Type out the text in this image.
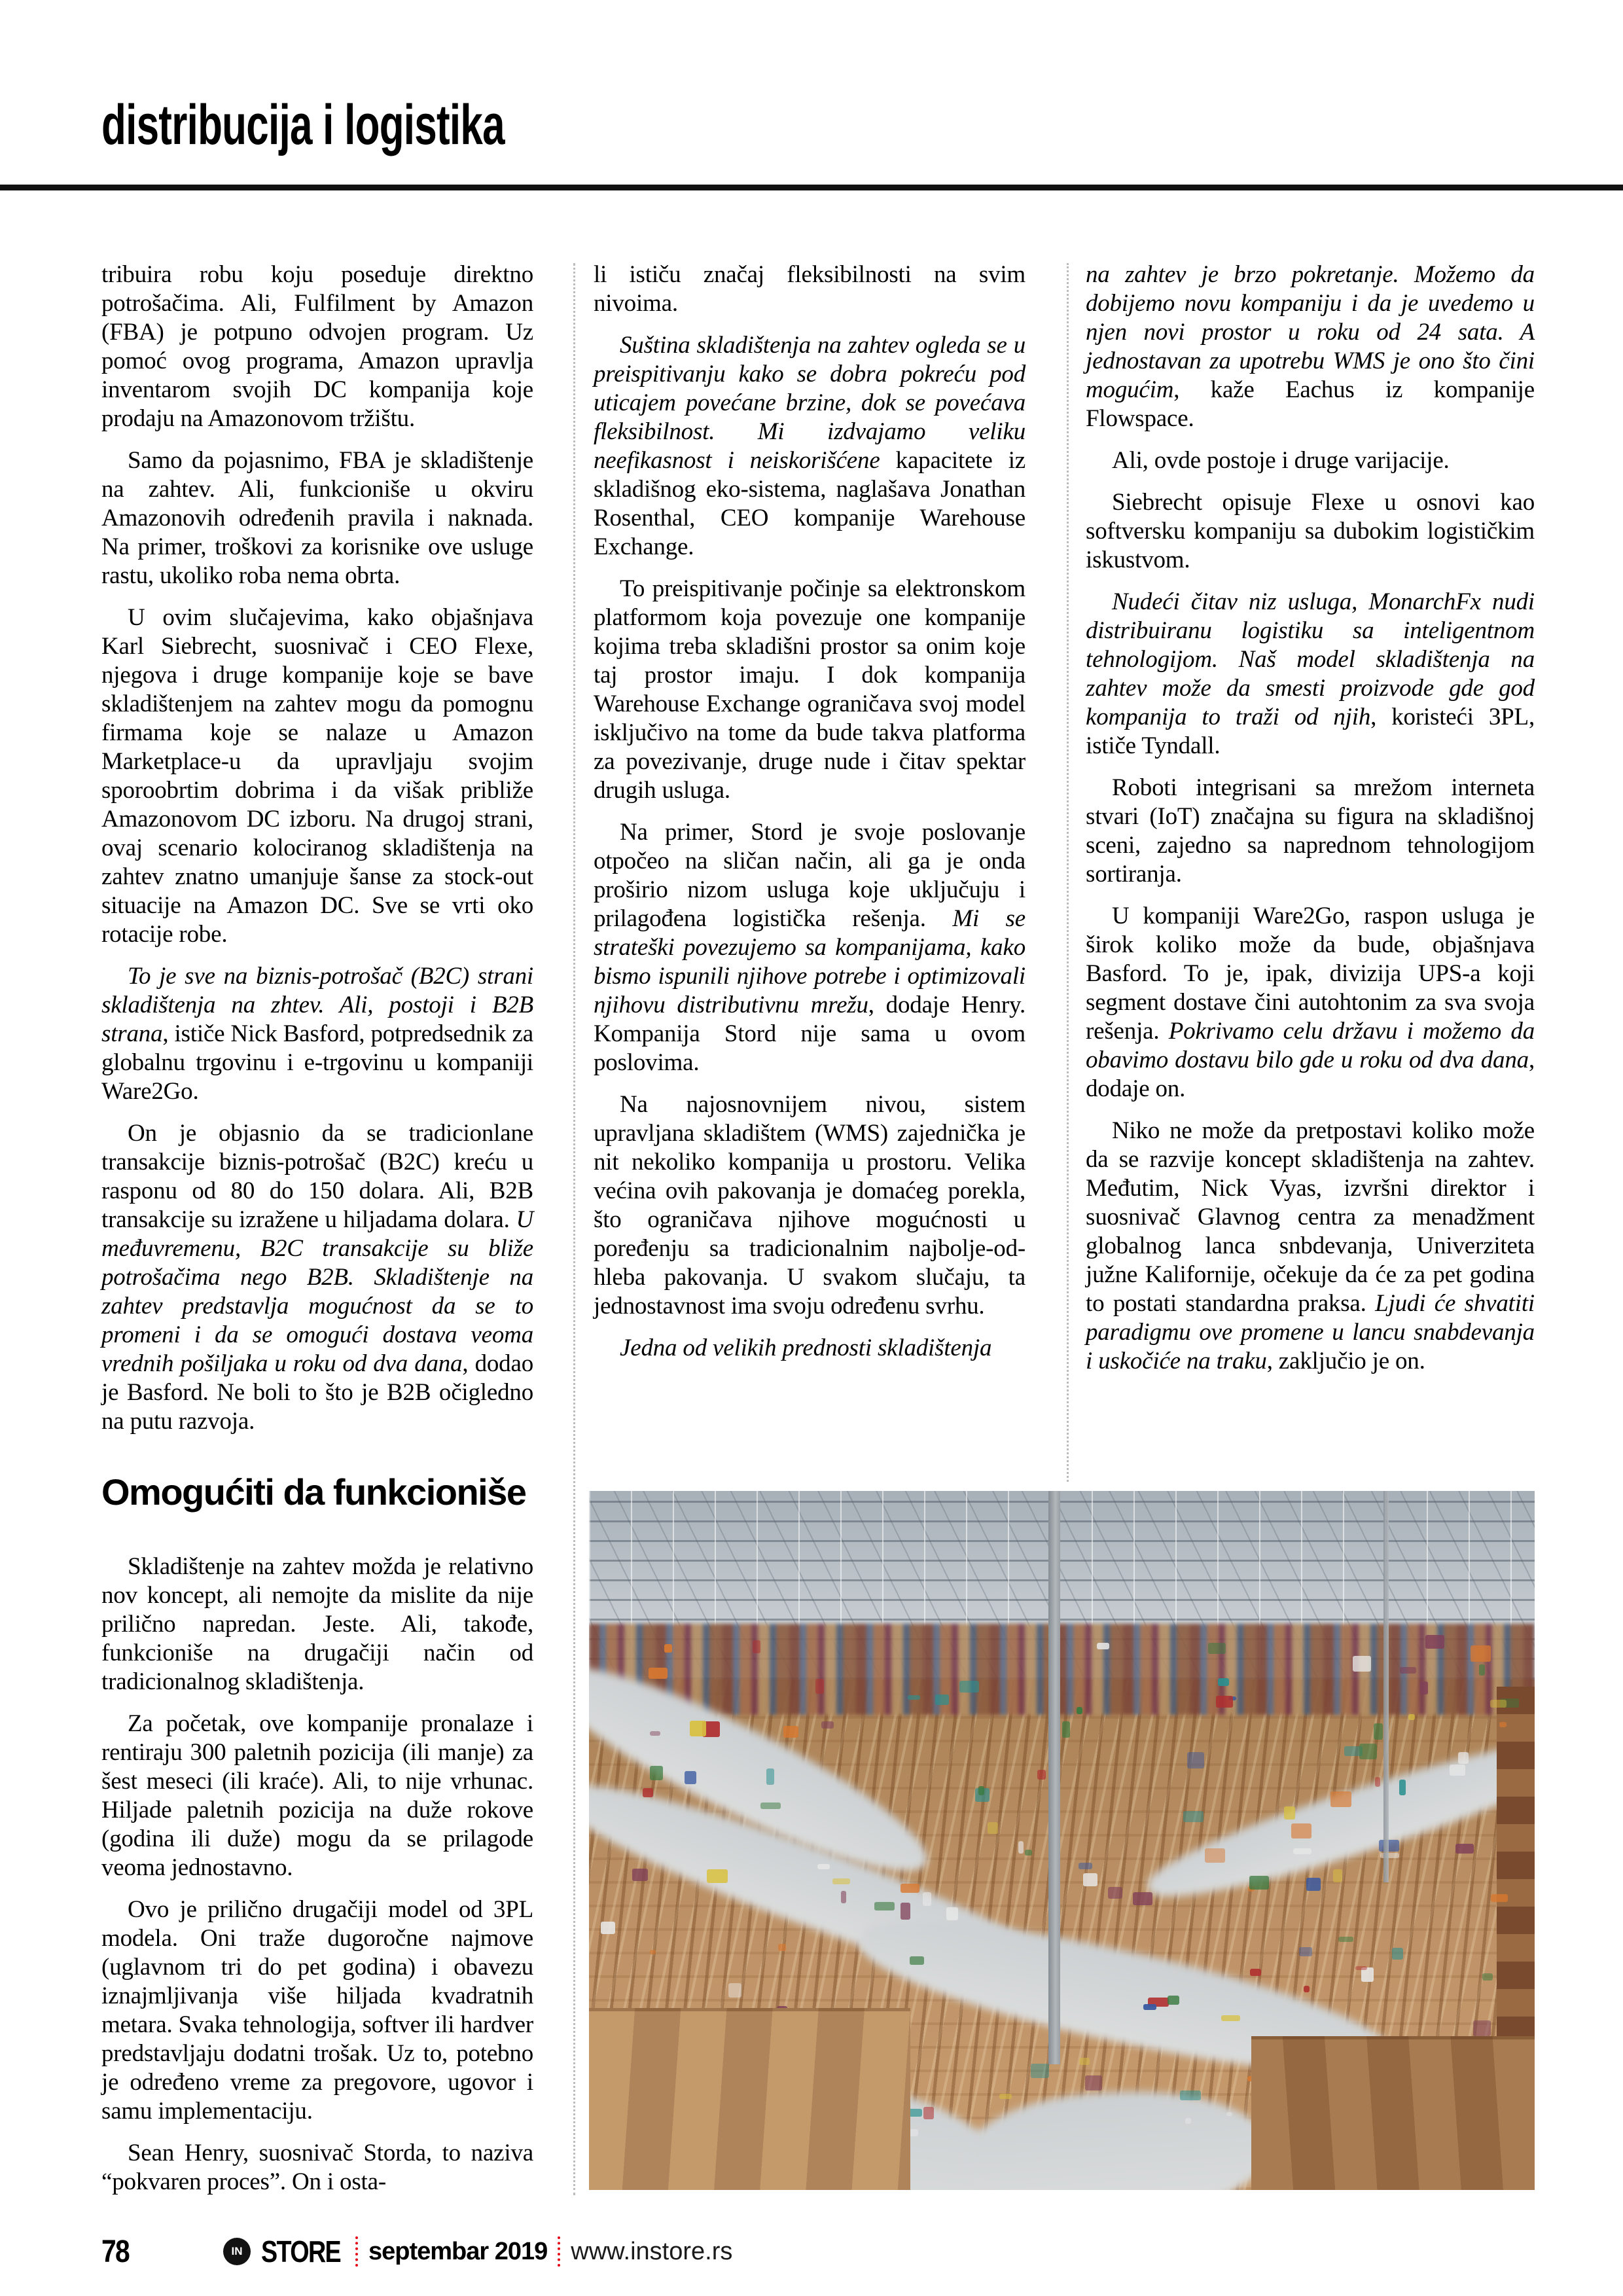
distribucija i logistika

tribuira robu koju poseduje direktno potrošačima. Ali, Fulfilment by Amazon (FBA) je potpuno odvojen program. Uz pomoć ovog programa, Amazon upravlja inventarom svojih DC kompanija koje prodaju na Amazonovom tržištu.

Samo da pojasnimo, FBA je skladištenje na zahtev. Ali, funkcioniše u okviru Amazonovih određenih pravila i naknada. Na primer, troškovi za korisnike ove usluge rastu, ukoliko roba nema obrta.

U ovim slučajevima, kako objašnjava Karl Siebrecht, suosnivač i CEO Flexe, njegova i druge kompanije koje se bave skladištenjem na zahtev mogu da pomognu firmama koje se nalaze u Amazon Marketplace-u da upravljaju svojim sporoobrtim dobrima i da višak približe Amazonovom DC izboru. Na drugoj strani, ovaj scenario kolociranog skladištenja na zahtev znatno umanjuje šanse za stock-out situacije na Amazon DC. Sve se vrti oko rotacije robe.

To je sve na biznis-potrošač (B2C) strani skladištenja na zhtev. Ali, postoji i B2B strana, ističe Nick Basford, potpredsednik za globalnu trgovinu i e-trgovinu u kompaniji Ware2Go.

On je objasnio da se tradicionlane transakcije biznis-potrošač (B2C) kreću u rasponu od 80 do 150 dolara. Ali, B2B transakcije su izražene u hiljadama dolara. U međuvremenu, B2C transakcije su bliže potrošačima nego B2B. Skladištenje na zahtev predstavlja mogućnost da se to promeni i da se omogući dostava veoma vrednih pošiljaka u roku od dva dana, dodao je Basford. Ne boli to što je B2B očigledno na putu razvoja.

Omogućiti da funkcioniše

Skladištenje na zahtev možda je relativno nov koncept, ali nemojte da mislite da nije prilično napredan. Jeste. Ali, takođe, funkcioniše na drugačiji način od tradicionalnog skladištenja.

Za početak, ove kompanije pronalaze i rentiraju 300 paletnih pozicija (ili manje) za šest meseci (ili kraće). Ali, to nije vrhunac. Hiljade paletnih pozicija na duže rokove (godina ili duže) mogu da se prilagode veoma jednostavno.

Ovo je prilično drugačiji model od 3PL modela. Oni traže dugoročne najmove (uglavnom tri do pet godina) i obavezu iznajmljivanja više hiljada kvadratnih metara. Svaka tehnologija, softver ili hardver predstavljaju dodatni trošak. Uz to, potebno je određeno vreme za pregovore, ugovor i samu implementaciju.

Sean Henry, suosnivač Storda, to naziva “pokvaren proces”. On i osta-

li ističu značaj fleksibilnosti na svim nivoima.

Suština skladištenja na zahtev ogleda se u preispitivanju kako se dobra pokreću pod uticajem povećane brzine, dok se povećava fleksibilnost. Mi izdvajamo veliku neefikasnost i neiskorišćene kapacitete iz skladišnog eko-sistema, naglašava Jonathan Rosenthal, CEO kompanije Warehouse Exchange.

To preispitivanje počinje sa elektronskom platformom koja povezuje one kompanije kojima treba skladišni prostor sa onim koje taj prostor imaju. I dok kompanija Warehouse Exchange ograničava svoj model isključivo na tome da bude takva platforma za povezivanje, druge nude i čitav spektar drugih usluga.

Na primer, Stord je svoje poslovanje otpočeo na sličan način, ali ga je onda proširio nizom usluga koje uključuju i prilagođena logistička rešenja. Mi se strateški povezujemo sa kompanijama, kako bismo ispunili njihove potrebe i optimizovali njihovu distributivnu mrežu, dodaje Henry. Kompanija Stord nije sama u ovom poslovima.

Na najosnovnijem nivou, sistem upravljana skladištem (WMS) zajednička je nit nekoliko kompanija u prostoru. Velika većina ovih pakovanja je domaćeg porekla, što ograničava njihove mogućnosti u poređenju sa tradicionalnim najbolje-od-hleba pakovanja. U svakom slučaju, ta jednostavnost ima svoju određenu svrhu.

Jedna od velikih prednosti skladištenja

na zahtev je brzo pokretanje. Možemo da dobijemo novu kompaniju i da je uvedemo u njen novi prostor u roku od 24 sata. A jednostavan za upotrebu WMS je ono što čini mogućim, kaže Eachus iz kompanije Flowspace.

Ali, ovde postoje i druge varijacije.

Siebrecht opisuje Flexe u osnovi kao softversku kompaniju sa dubokim logističkim iskustvom.

Nudeći čitav niz usluga, MonarchFx nudi distribuiranu logistiku sa inteligentnom tehnologijom. Naš model skladištenja na zahtev može da smesti proizvode gde god kompanija to traži od njih, koristeći 3PL, ističe Tyndall.

Roboti integrisani sa mrežom interneta stvari (IoT) značajna su figura na skladišnoj sceni, zajedno sa naprednom tehnologijom sortiranja.

U kompaniji Ware2Go, raspon usluga je širok koliko može da bude, objašnjava Basford. To je, ipak, divizija UPS-a koji segment dostave čini autohtonim za sva svoja rešenja. Pokrivamo celu državu i možemo da obavimo dostavu bilo gde u roku od dva dana, dodaje on.

Niko ne može da pretpostavi koliko može da se razvije koncept skladištenja na zahtev. Međutim, Nick Vyas, izvršni direktor i suosnivač Glavnog centra za menadžment globalnog lanca snbdevanja, Univerziteta južne Kalifornije, očekuje da će za pet godina to postati standardna praksa. Ljudi će shvatiti paradigmu ove promene u lancu snabdevanja i uskočiće na traku, zaključio je on.

78	IN STORE septembar 2019 www.instore.rs
